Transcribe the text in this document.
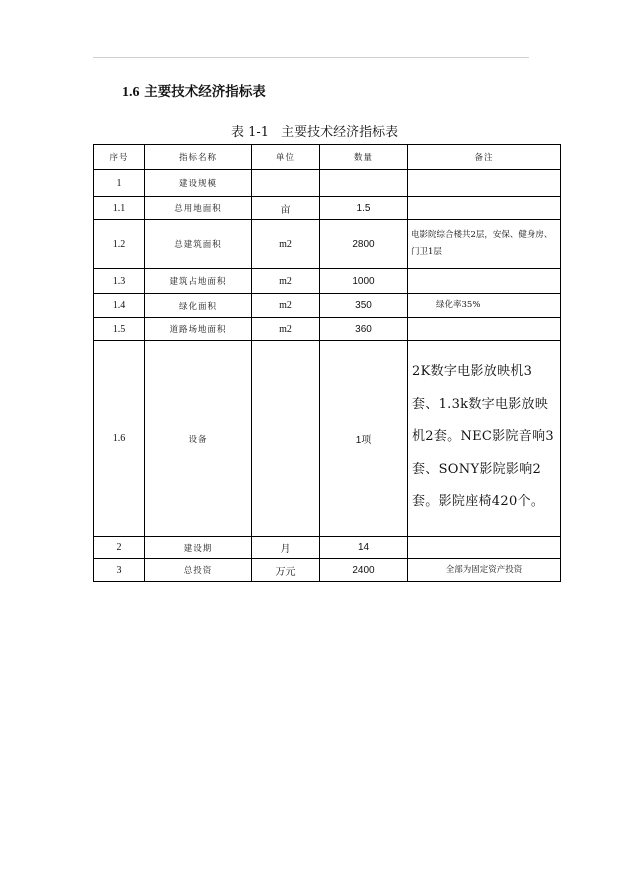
1.6 主要技术经济指标表
表 1-1 主要技术经济指标表
序号	指标名称	单位	数量	备注
1	建设规模			
1.1	总用地面积	亩	1.5	
1.2	总建筑面积	m2	2800	电影院综合楼共2层，安保、健身房、门卫1层
1.3	建筑占地面积	m2	1000	
1.4	绿化面积	m2	350	绿化率35%
1.5	道路场地面积	m2	360	
1.6	设备		1项	2K数字电影放映机3套、1.3k数字电影放映机2套。NEC影院音响3套、SONY影院影响2套。影院座椅420个。
2	建设期	月	14	
3	总投资	万元	2400	全部为固定资产投资
